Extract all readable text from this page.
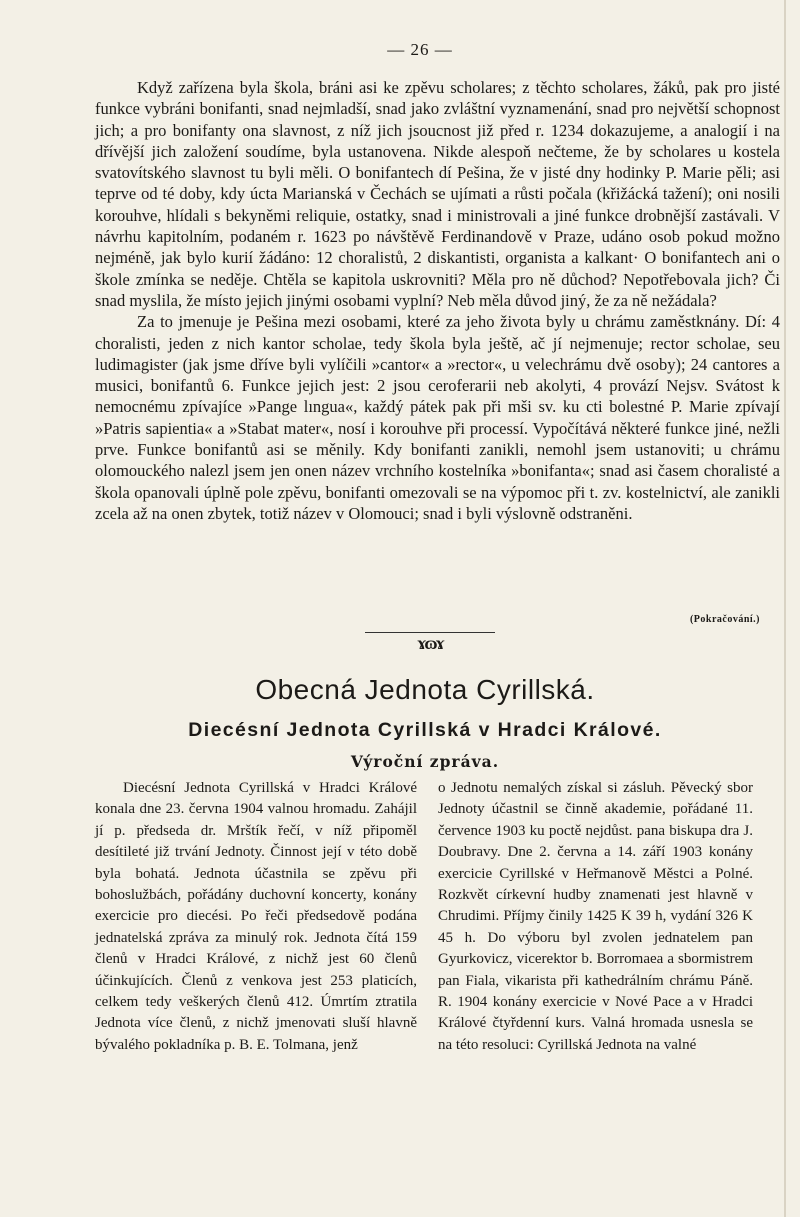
— 26 —

Když zařízena byla škola, bráni asi ke zpěvu scholares; z těchto scholares, žáků, pak pro jisté funkce vybráni bonifanti, snad nejmladší, snad jako zvláštní vyznamenání, snad pro největší schopnost jich; a pro bonifanty ona slavnost, z níž jich jsoucnost již před r. 1234 dokazujeme, a analogií i na dřívější jich založení soudíme, byla ustanovena. Nikde alespoň nečteme, že by scholares u kostela svatovítského slavnost tu byli měli. O bonifantech dí Pešina, že v jisté dny hodinky P. Marie pěli; asi teprve od té doby, kdy úcta Marianská v Čechách se ujímati a růsti počala (křižácká tažení); oni nosili korouhve, hlídali s bekyněmi reliquie, ostatky, snad i ministrovali a jiné funkce drobnější zastávali. V návrhu kapitolním, podaném r. 1623 po návštěvě Ferdinandově v Praze, udáno osob pokud možno nejméně, jak bylo kurií žádáno: 12 choralistů, 2 diskantisti, organista a kalkant· O bonifantech ani o škole zmínka se neděje. Chtěla se kapitola uskrovniti? Měla pro ně důchod? Nepotřebovala jich? Či snad myslila, že místo jejich jinými osobami vyplní? Neb měla důvod jiný, že za ně nežádala?

Za to jmenuje je Pešina mezi osobami, které za jeho života byly u chrámu zaměstknány. Dí: 4 choralisti, jeden z nich kantor scholae, tedy škola byla ještě, ač jí nejmenuje; rector scholae, seu ludimagister (jak jsme dříve byli vylíčili »cantor« a »rector«, u velechrámu dvě osoby); 24 cantores a musici, bonifantů 6. Funkce jejich jest: 2 jsou ceroferarii neb akolyti, 4 provází Nejsv. Svátost k nemocnému zpívajíce »Pange lıngua«, každý pátek pak při mši sv. ku cti bolestné P. Marie zpívají »Patris sapientia« a »Stabat mater«, nosí i korouhve při processí. Vypočítává některé funkce jiné, nežli prve. Funkce bonifantů asi se měnily. Kdy bonifanti zanikli, nemohl jsem ustanoviti; u chrámu olomouckého nalezl jsem jen onen název vrchního kostelníka »bonifanta«; snad asi časem choralisté a škola opanovali úplně pole zpěvu, bonifanti omezovali se na výpomoc při t. zv. kostelnictví, ale zanikli zcela až na onen zbytek, totiž název v Olomouci; snad i byli výslovně odstraněni.

(Pokračování.)
ɤɷɤ
Obecná Jednota Cyrillská.
Diecésní Jednota Cyrillská v Hradci Králové.
Výroční zpráva.

Diecésní Jednota Cyrillská v Hradci Králové konala dne 23. června 1904 valnou hromadu. Zahájil jí p. předseda dr. Mrštík řečí, v níž připoměl desítileté již trvání Jednoty. Činnost její v této době byla bohatá. Jednota účastnila se zpěvu při bohoslužbách, pořádány duchovní koncerty, konány exercicie pro diecési. Po řeči předsedově podána jednatelská zpráva za minulý rok. Jednota čítá 159 členů v Hradci Králové, z nichž jest 60 členů účinkujících. Členů z venkova jest 253 platicích, celkem tedy veškerých členů 412. Úmrtím ztratila Jednota více členů, z nichž jmenovati sluší hlavně bývalého pokladníka p. B. E. Tolmana, jenž

o Jednotu nemalých získal si zásluh. Pěvecký sbor Jednoty účastnil se činně akademie, pořádané 11. července 1903 ku poctě nejdůst. pana biskupa dra J. Doubravy. Dne 2. června a 14. září 1903 konány exercicie Cyrillské v Heřmanově Městci a Polné. Rozkvět církevní hudby znamenati jest hlavně v Chrudimi. Příjmy činily 1425 K 39 h, vydání 326 K 45 h. Do výboru byl zvolen jednatelem pan Gyurkovicz, vicerektor b. Borromaea a sbormistrem pan Fiala, vikarista při kathedrálním chrámu Páně. R. 1904 konány exercicie v Nové Pace a v Hradci Králové čtyřdenní kurs. Valná hromada usnesla se na této resoluci: Cyrillská Jednota na valné
